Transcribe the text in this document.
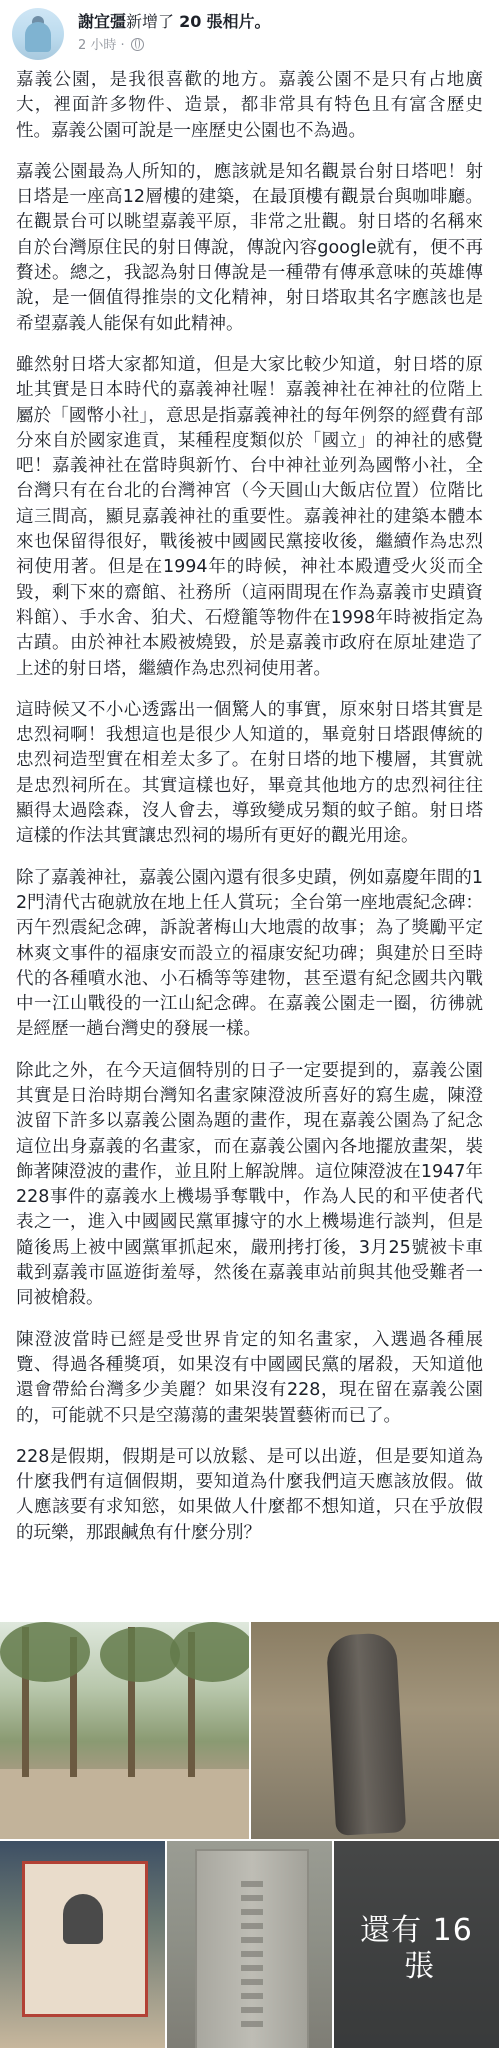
謝宜彊新增了 20 張相片。
2 小時 ·

嘉義公園，是我很喜歡的地方。嘉義公園不是只有占地廣大，裡面許多物件、造景，都非常具有特色且有富含歷史性。嘉義公園可說是一座歷史公園也不為過。

嘉義公園最為人所知的，應該就是知名觀景台射日塔吧！射日塔是一座高12層樓的建築，在最頂樓有觀景台與咖啡廳。在觀景台可以眺望嘉義平原，非常之壯觀。射日塔的名稱來自於台灣原住民的射日傳說，傳說內容google就有，便不再贅述。總之，我認為射日傳說是一種帶有傳承意味的英雄傳說，是一個值得推崇的文化精神，射日塔取其名字應該也是希望嘉義人能保有如此精神。

雖然射日塔大家都知道，但是大家比較少知道，射日塔的原址其實是日本時代的嘉義神社喔！嘉義神社在神社的位階上屬於「國幣小社」，意思是指嘉義神社的每年例祭的經費有部分來自於國家進貢，某種程度類似於「國立」的神社的感覺吧！嘉義神社在當時與新竹、台中神社並列為國幣小社，全台灣只有在台北的台灣神宮（今天圓山大飯店位置）位階比這三間高，顯見嘉義神社的重要性。嘉義神社的建築本體本來也保留得很好，戰後被中國國民黨接收後，繼續作為忠烈祠使用著。但是在1994年的時候，神社本殿遭受火災而全毀，剩下來的齋館、社務所（這兩間現在作為嘉義市史蹟資料館）、手水舍、狛犬、石燈籠等物件在1998年時被指定為古蹟。由於神社本殿被燒毀，於是嘉義市政府在原址建造了上述的射日塔，繼續作為忠烈祠使用著。

這時候又不小心透露出一個驚人的事實，原來射日塔其實是忠烈祠啊！我想這也是很少人知道的，畢竟射日塔跟傳統的忠烈祠造型實在相差太多了。在射日塔的地下樓層，其實就是忠烈祠所在。其實這樣也好，畢竟其他地方的忠烈祠往往顯得太過陰森，沒人會去，導致變成另類的蚊子館。射日塔這樣的作法其實讓忠烈祠的場所有更好的觀光用途。

除了嘉義神社，嘉義公園內還有很多史蹟，例如嘉慶年間的12門清代古砲就放在地上任人賞玩；全台第一座地震紀念碑：丙午烈震紀念碑，訴說著梅山大地震的故事；為了獎勵平定林爽文事件的福康安而設立的福康安紀功碑；與建於日至時代的各種噴水池、小石橋等等建物，甚至還有紀念國共內戰中一江山戰役的一江山紀念碑。在嘉義公園走一圈，彷彿就是經歷一趟台灣史的發展一樣。

除此之外，在今天這個特別的日子一定要提到的，嘉義公園其實是日治時期台灣知名畫家陳澄波所喜好的寫生處，陳澄波留下許多以嘉義公園為題的畫作，現在嘉義公園為了紀念這位出身嘉義的名畫家，而在嘉義公園內各地擺放畫架，裝飾著陳澄波的畫作，並且附上解說牌。這位陳澄波在1947年228事件的嘉義水上機場爭奪戰中，作為人民的和平使者代表之一，進入中國國民黨軍據守的水上機場進行談判，但是隨後馬上被中國黨軍抓起來，嚴刑拷打後，3月25號被卡車載到嘉義市區遊街羞辱，然後在嘉義車站前與其他受難者一同被槍殺。

陳澄波當時已經是受世界肯定的知名畫家，入選過各種展覽、得過各種獎項，如果沒有中國國民黨的屠殺，天知道他還會帶給台灣多少美麗？如果沒有228，現在留在嘉義公園的，可能就不只是空蕩蕩的畫架裝置藝術而已了。

228是假期，假期是可以放鬆、是可以出遊，但是要知道為什麼我們有這個假期，要知道為什麼我們這天應該放假。做人應該要有求知慾，如果做人什麼都不想知道，只在乎放假的玩樂，那跟鹹魚有什麼分別？

還有 16
張
